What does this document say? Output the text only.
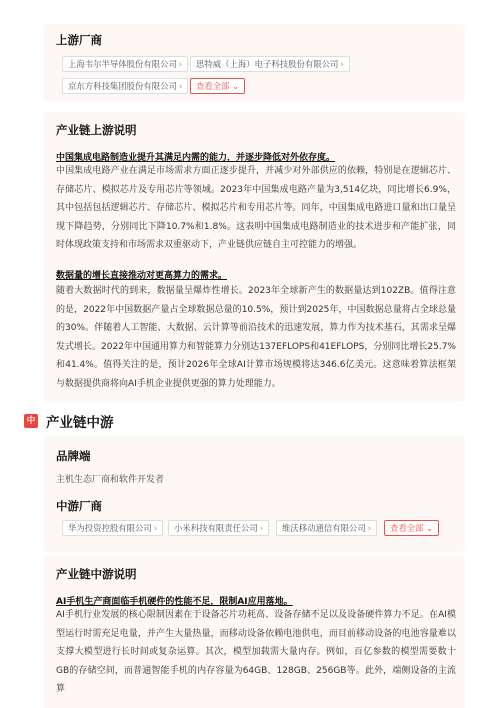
上游厂商
上海韦尔半导体股份有限公司 ›	思特威（上海）电子科技股份有限公司 ›
京东方科技集团股份有限公司 ›	查看全部 ⌄
产业链上游说明
中国集成电路制造业提升其满足内需的能力，并逐步降低对外依存度。
中国集成电路产业在满足市场需求方面正逐步提升，并减少对外部供应的依赖，特别是在逻辑芯片、存储芯片、模拟芯片及专用芯片等领域。2023年中国集成电路产量为3,514亿块，同比增长6.9%，其中包括包括逻辑芯片、存储芯片、模拟芯片和专用芯片等。同年，中国集成电路进口量和出口量呈现下降趋势，分别同比下降10.7%和1.8%。这表明中国集成电路制造业的技术进步和产能扩张，同时体现政策支持和市场需求双重驱动下，产业链供应链自主可控能力的增强。
数据量的增长直接推动对更高算力的需求。
随着大数据时代的到来，数据量呈爆炸性增长。2023年全球新产生的数据量达到102ZB。值得注意的是，2022年中国数据产量占全球数据总量的10.5%，预计到2025年，中国数据总量将占全球总量的30%。伴随着人工智能、大数据、云计算等前沿技术的迅速发展，算力作为技术基石，其需求呈爆发式增长。2022年中国通用算力和智能算力分别达137EFLOPS和41EFLOPS，分别同比增长25.7%和41.4%。值得关注的是，预计2026年全球AI计算市场规模将达346.6亿美元。这意味着算法框架与数据提供商将向AI手机企业提供更强的算力处理能力。
中 产业链中游
品牌端
主机生态厂商和软件开发者
中游厂商
华为投资控股有限公司 ›	小米科技有限责任公司 ›	维沃移动通信有限公司 ›	查看全部 ⌄
产业链中游说明
AI手机生产商面临手机硬件的性能不足，限制AI应用落地。
AI手机行业发展的核心限制因素在于设备芯片功耗高、设备存储不足以及设备硬件算力不足。在AI模型运行时需充足电量，并产生大量热量，而移动设备依赖电池供电，而目前移动设备的电池容量难以支撑大模型进行长时间或复杂运算。其次，模型加载需大量内存。例如，百亿参数的模型需要数十GB的存储空间，而普通智能手机的内存容量为64GB、128GB、256GB等。此外，端侧设备的主流算
